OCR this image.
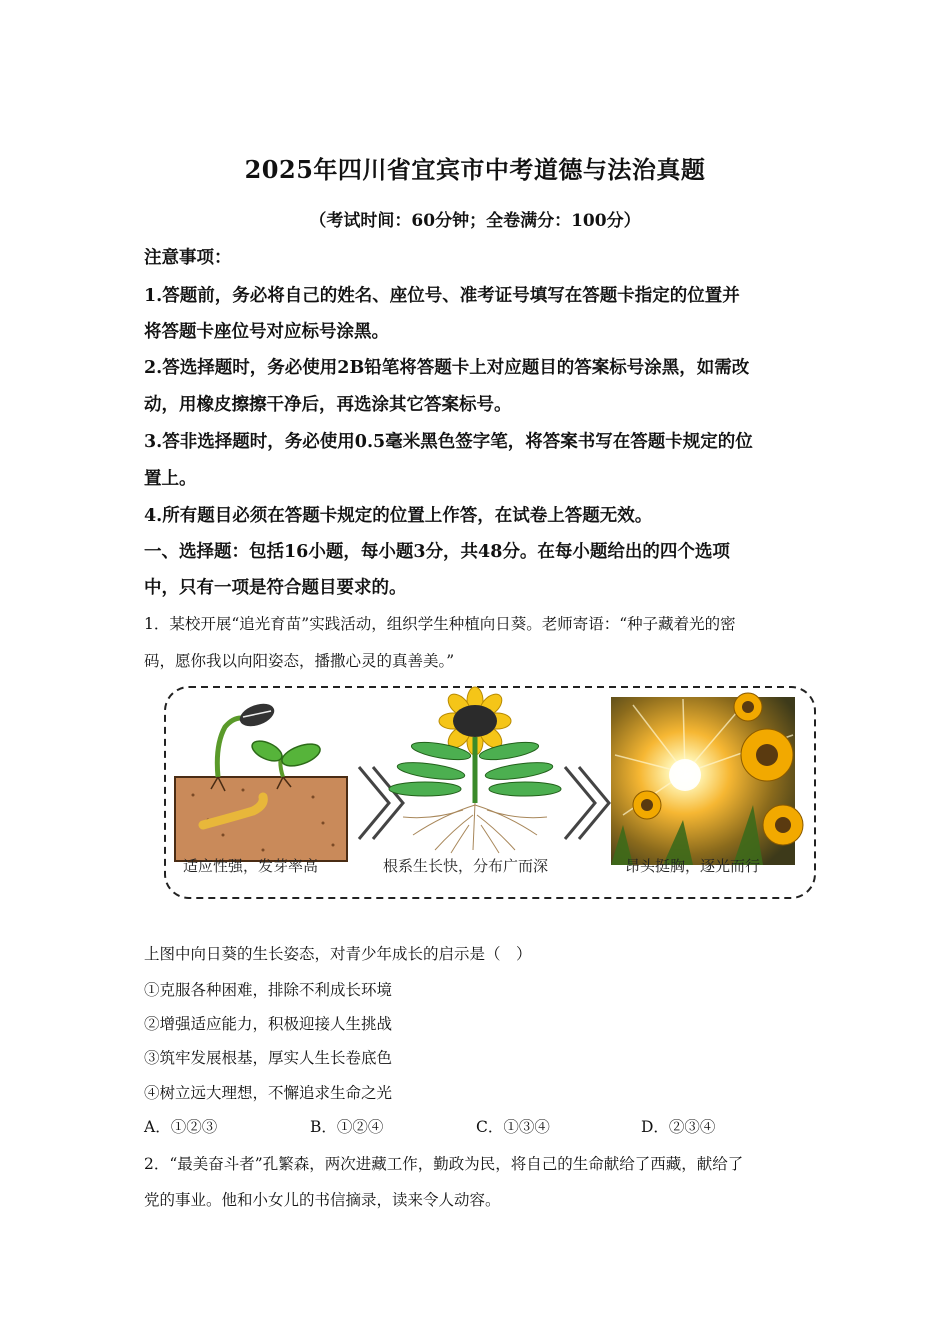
2025年四川省宜宾市中考道德与法治真题
（考试时间：60分钟；全卷满分：100分）
注意事项：
1.答题前，务必将自己的姓名、座位号、准考证号填写在答题卡指定的位置并
将答题卡座位号对应标号涂黑。
2.答选择题时，务必使用2B铅笔将答题卡上对应题目的答案标号涂黑，如需改
动，用橡皮擦擦干净后，再选涂其它答案标号。
3.答非选择题时，务必使用0.5毫米黑色签字笔，将答案书写在答题卡规定的位
置上。
4.所有题目必须在答题卡规定的位置上作答，在试卷上答题无效。
一、选择题：包括16小题，每小题3分，共48分。在每小题给出的四个选项
中，只有一项是符合题目要求的。
1．某校开展“追光育苗”实践活动，组织学生种植向日葵。老师寄语：“种子藏着光的密
码，愿你我以向阳姿态，播撒心灵的真善美。”
适应性强，发芽率高	根系生长快，分布广而深	昂头挺胸，逐光而行
上图中向日葵的生长姿态，对青少年成长的启示是（　）
①克服各种困难，排除不利成长环境
②增强适应能力，积极迎接人生挑战
③筑牢发展根基，厚实人生长卷底色
④树立远大理想，不懈追求生命之光
A．①②③	B．①②④	C．①③④	D．②③④
2．“最美奋斗者”孔繁森，两次进藏工作，勤政为民，将自己的生命献给了西藏，献给了
党的事业。他和小女儿的书信摘录，读来令人动容。
